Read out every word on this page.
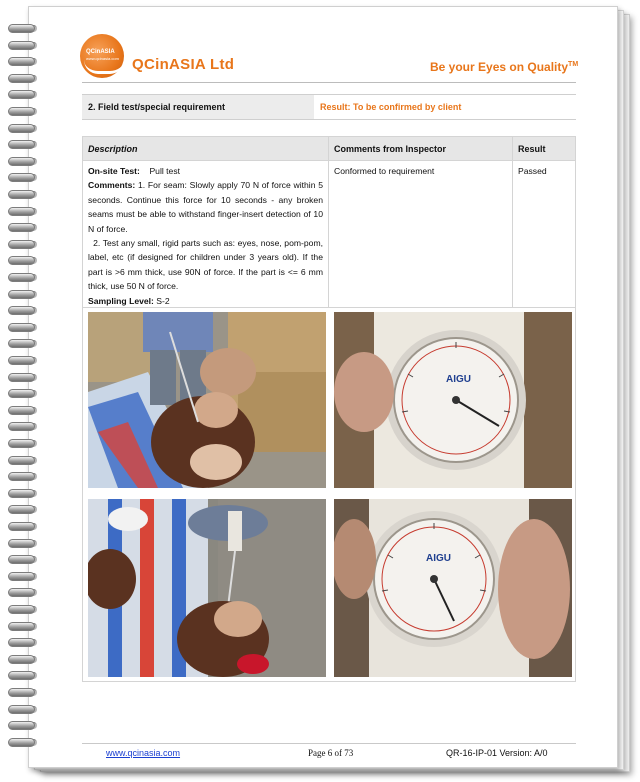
QCinASIA
www.qcinasia.com QCinASIA Ltd	Be your Eyes on Quality™
2. Field test/special requirement	Result: To be confirmed by client
Description	Comments from Inspector	Result

On-site Test: Pull test

Comments: 1. For seam: Slowly apply 70 N of force within 5 seconds. Continue this force for 10 seconds - any broken seams must be able to withstand finger-insert detection of 10 N of force.

2. Test any small, rigid parts such as: eyes, nose, pom-pom, label, etc (if designed for children under 3 years old). If the part is >6 mm thick, use 90N of force. If the part is <= 6 mm thick, use 50 N of force.

Sampling Level: S-2

Conformed to requirement	Passed
AIGU
AIGU
www.qcinasia.com	Page 6 of 73	QR-16-IP-01 Version: A/0
